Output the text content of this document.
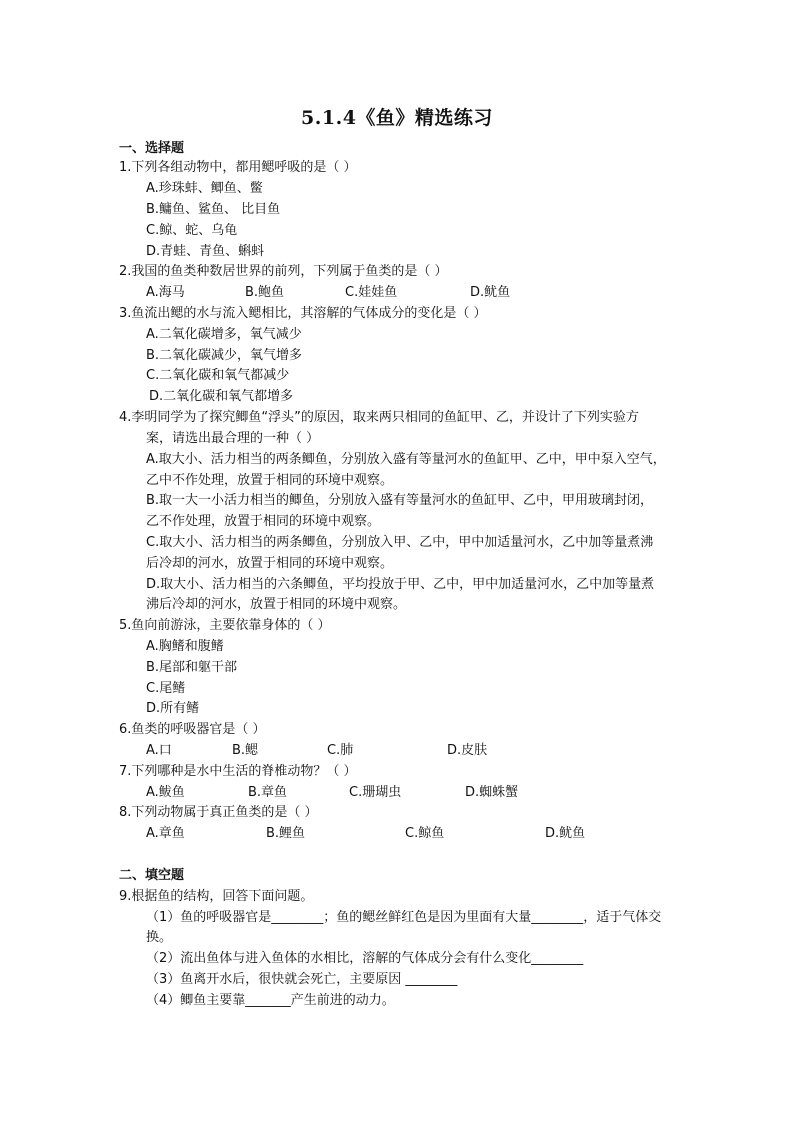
5.1.4《鱼》精选练习
一、选择题
1.下列各组动物中，都用鳃呼吸的是（ ）
A.珍珠蚌、鲫鱼、鳖
B.鳙鱼、鲨鱼、 比目鱼
C.鲸、蛇、乌龟
D.青蛙、青鱼、蝌蚪
2.我国的鱼类种数居世界的前列，下列属于鱼类的是（ ）
A.海马	B.鲍鱼	C.娃娃鱼	D.鱿鱼
3.鱼流出鳃的水与流入鳃相比，其溶解的气体成分的变化是（ ）
A.二氧化碳增多，氧气减少
B.二氧化碳减少，氧气增多
C.二氧化碳和氧气都减少
D.二氧化碳和氧气都增多
4.李明同学为了探究鲫鱼“浮头”的原因，取来两只相同的鱼缸甲、乙，并设计了下列实验方
案，请选出最合理的一种（ ）
A.取大小、活力相当的两条鲫鱼，分别放入盛有等量河水的鱼缸甲、乙中，甲中泵入空气，
乙中不作处理，放置于相同的环境中观察。
B.取一大一小活力相当的鲫鱼，分别放入盛有等量河水的鱼缸甲、乙中，甲用玻璃封闭，
乙不作处理，放置于相同的环境中观察。
C.取大小、活力相当的两条鲫鱼，分别放入甲、乙中，甲中加适量河水，乙中加等量煮沸
后冷却的河水，放置于相同的环境中观察。
D.取大小、活力相当的六条鲫鱼，平均投放于甲、乙中，甲中加适量河水，乙中加等量煮
沸后冷却的河水，放置于相同的环境中观察。
5.鱼向前游泳，主要依靠身体的（ ）
A.胸鳍和腹鳍
B.尾部和躯干部
C.尾鳍
D.所有鳍
6.鱼类的呼吸器官是（ ）
A.口	B.鳃	C.肺	D.皮肤
7.下列哪种是水中生活的脊椎动物？（ ）
A.鲅鱼	B.章鱼	C.珊瑚虫	D.蜘蛛蟹
8.下列动物属于真正鱼类的是（ ）
A.章鱼	B.鲤鱼	C.鲸鱼	D.鱿鱼
二、填空题
9.根据鱼的结构，回答下面问题。
（1）鱼的呼吸器官是________；鱼的鳃丝鲜红色是因为里面有大量________，适于气体交
换。
（2）流出鱼体与进入鱼体的水相比，溶解的气体成分会有什么变化________
（3）鱼离开水后，很快就会死亡，主要原因 ________
（4）鲫鱼主要靠_______产生前进的动力。
